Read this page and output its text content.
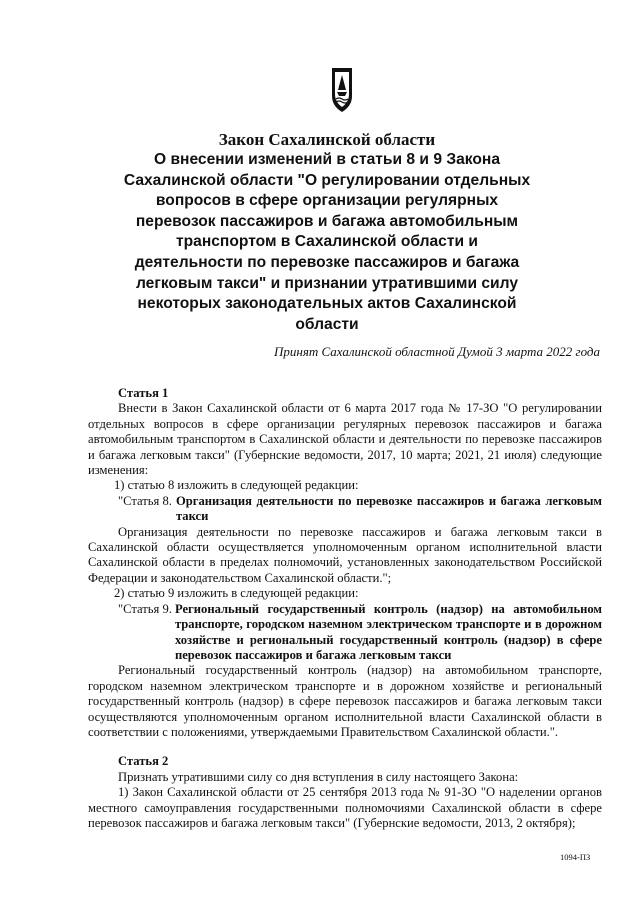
Закон Сахалинской области

О внесении изменений в статьи 8 и 9 Закона

Сахалинской области "О регулировании отдельных

вопросов в сфере организации регулярных

перевозок пассажиров и багажа автомобильным

транспортом в Сахалинской области и

деятельности по перевозке пассажиров и багажа

легковым такси" и признании утратившими силу

некоторых законодательных актов Сахалинской

области

Принят Сахалинской областной Думой 3 марта 2022 года

Статья 1

Внести в Закон Сахалинской области от 6 марта 2017 года № 17-ЗО "О регулировании отдельных вопросов в сфере организации регулярных перевозок пассажиров и багажа автомобильным транспортом в Сахалинской области и деятельности по перевозке пассажиров и багажа легковым такси" (Губернские ведомости, 2017, 10 марта; 2021, 21 июля) следующие изменения:

1) статью 8 изложить в следующей редакции:

"Статья 8. Организация деятельности по перевозке пассажиров и багажа легковым такси

Организация деятельности по перевозке пассажиров и багажа легковым такси в Сахалинской области осуществляется уполномоченным органом исполнительной власти Сахалинской области в пределах полномочий, установленных законодательством Российской Федерации и законодательством Сахалинской области.";

2) статью 9 изложить в следующей редакции:

"Статья 9. Региональный государственный контроль (надзор) на автомобильном транспорте, городском наземном электрическом транспорте и в дорожном хозяйстве и региональный государственный контроль (надзор) в сфере перевозок пассажиров и багажа легковым такси

Региональный государственный контроль (надзор) на автомобильном транспорте, городском наземном электрическом транспорте и в дорожном хозяйстве и региональный государственный контроль (надзор) в сфере перевозок пассажиров и багажа легковым такси осуществляются уполномоченным органом исполнительной власти Сахалинской области в соответствии с положениями, утверждаемыми Правительством Сахалинской области.".

Статья 2

Признать утратившими силу со дня вступления в силу настоящего Закона:

1) Закон Сахалинской области от 25 сентября 2013 года № 91-ЗО "О наделении органов местного самоуправления государственными полномочиями Сахалинской области в сфере перевозок пассажиров и багажа легковым такси" (Губернские ведомости, 2013, 2 октября);

1094-ПЗ
